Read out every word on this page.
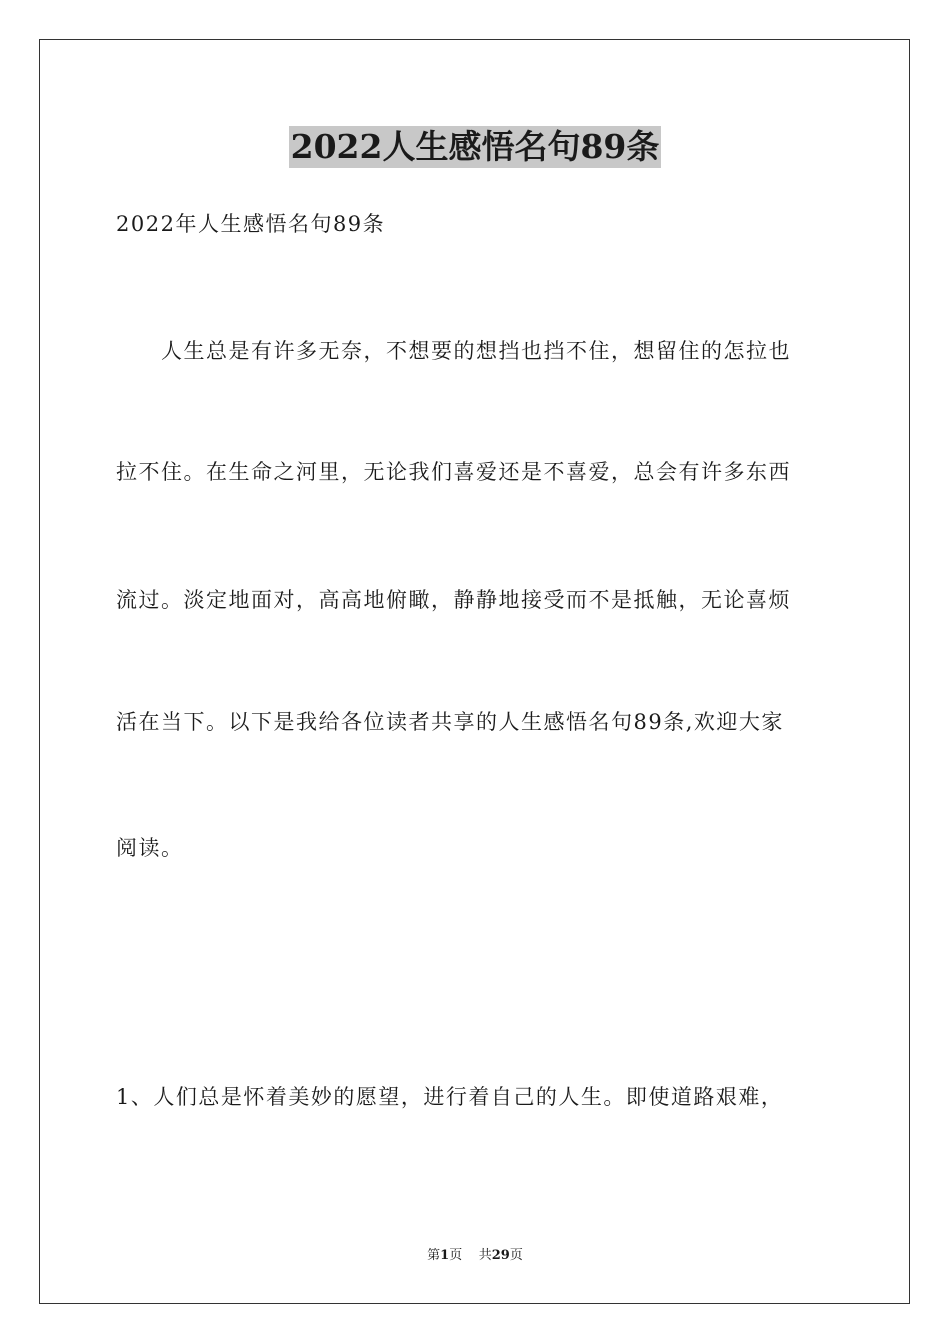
2022人生感悟名句89条
2022年人生感悟名句89条
　　人生总是有许多无奈，不想要的想挡也挡不住，想留住的怎拉也
拉不住。在生命之河里，无论我们喜爱还是不喜爱，总会有许多东西
流过。淡定地面对，高高地俯瞰，静静地接受而不是抵触，无论喜烦
活在当下。以下是我给各位读者共享的人生感悟名句89条,欢迎大家
阅读。
1、人们总是怀着美妙的愿望，进行着自己的人生。即使道路艰难，
第1页 共29页
